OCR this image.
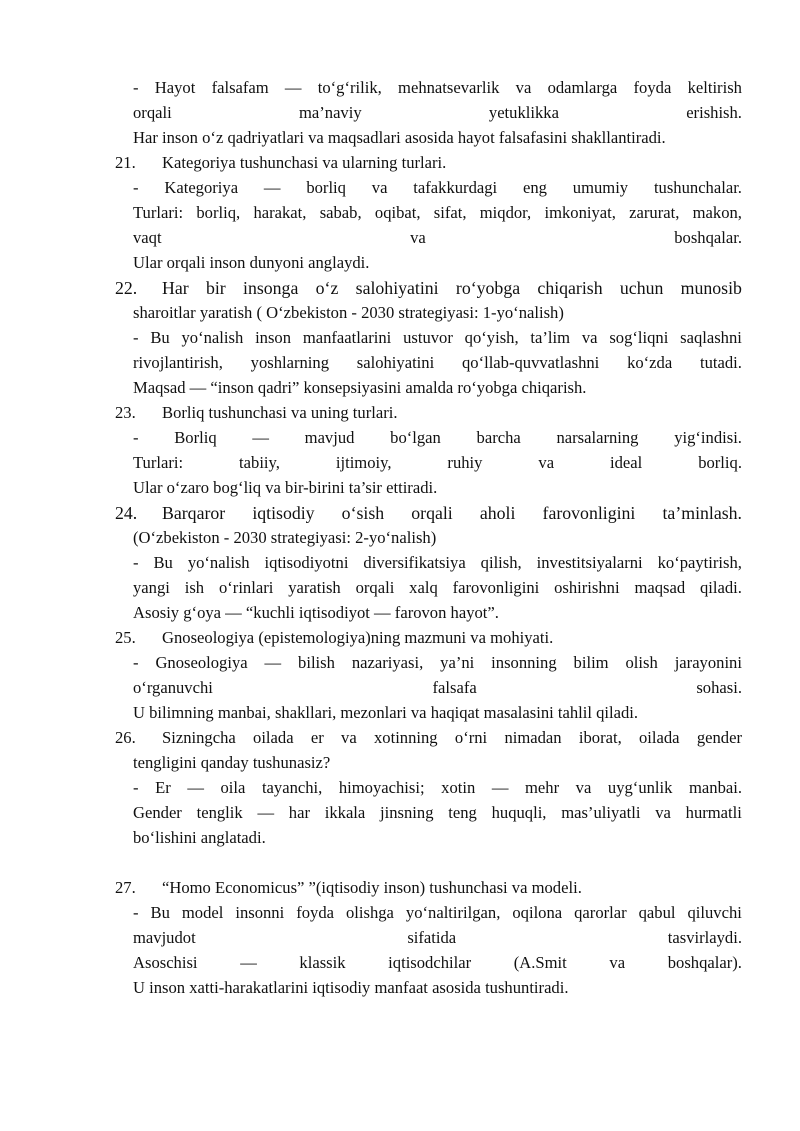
- Hayot falsafam — to‘g‘rilik, mehnatsevarlik va odamlarga foyda keltirish
orqali	ma’naviy	yetuklikka	erishish.
Har inson o‘z qadriyatlari va maqsadlari asosida hayot falsafasini shakllantiradi.
21. Kategoriya tushunchasi va ularning turlari.
- Kategoriya — borliq va tafakkurdagi eng umumiy tushunchalar.
Turlari: borliq, harakat, sabab, oqibat, sifat, miqdor, imkoniyat, zarurat, makon,
vaqt	va	boshqalar.
Ular orqali inson dunyoni anglaydi.
22. Har bir insonga o‘z salohiyatini ro‘yobga chiqarish uchun munosib
sharoitlar yaratish ( O‘zbekiston - 2030 strategiyasi: 1-yo‘nalish)
- Bu yo‘nalish inson manfaatlarini ustuvor qo‘yish, ta’lim va sog‘liqni saqlashni
rivojlantirish, yoshlarning salohiyatini qo‘llab-quvvatlashni ko‘zda tutadi.
Maqsad — “inson qadri” konsepsiyasini amalda ro‘yobga chiqarish.
23. Borliq tushunchasi va uning turlari.
- Borliq — mavjud bo‘lgan barcha narsalarning yig‘indisi.
Turlari:	tabiiy,	ijtimoiy,	ruhiy	va	ideal	borliq.
Ular o‘zaro bog‘liq va bir-birini ta’sir ettiradi.
24. Barqaror iqtisodiy o‘sish orqali aholi farovonligini ta’minlash.
(O‘zbekiston - 2030 strategiyasi: 2-yo‘nalish)
- Bu yo‘nalish iqtisodiyotni diversifikatsiya qilish, investitsiyalarni ko‘paytirish,
yangi ish o‘rinlari yaratish orqali xalq farovonligini oshirishni maqsad qiladi.
Asosiy g‘oya — “kuchli iqtisodiyot — farovon hayot”.
25. Gnoseologiya (epistemologiya)ning mazmuni va mohiyati.
- Gnoseologiya — bilish nazariyasi, ya’ni insonning bilim olish jarayonini
o‘rganuvchi	falsafa	sohasi.
U bilimning manbai, shakllari, mezonlari va haqiqat masalasini tahlil qiladi.
26. Sizningcha oilada er va xotinning o‘rni nimadan iborat, oilada gender
tengligini qanday tushunasiz?
- Er — oila tayanchi, himoyachisi; xotin — mehr va uyg‘unlik manbai.
Gender tenglik — har ikkala jinsning teng huquqli, mas’uliyatli va hurmatli
bo‘lishini anglatadi.
27. “Homo Economicus” ”(iqtisodiy inson) tushunchasi va modeli.
- Bu model insonni foyda olishga yo‘naltirilgan, oqilona qarorlar qabul qiluvchi
mavjudot	sifatida	tasvirlaydi.
Asoschisi	—	klassik	iqtisodchilar	(A.Smit	va	boshqalar).
U inson xatti-harakatlarini iqtisodiy manfaat asosida tushuntiradi.
